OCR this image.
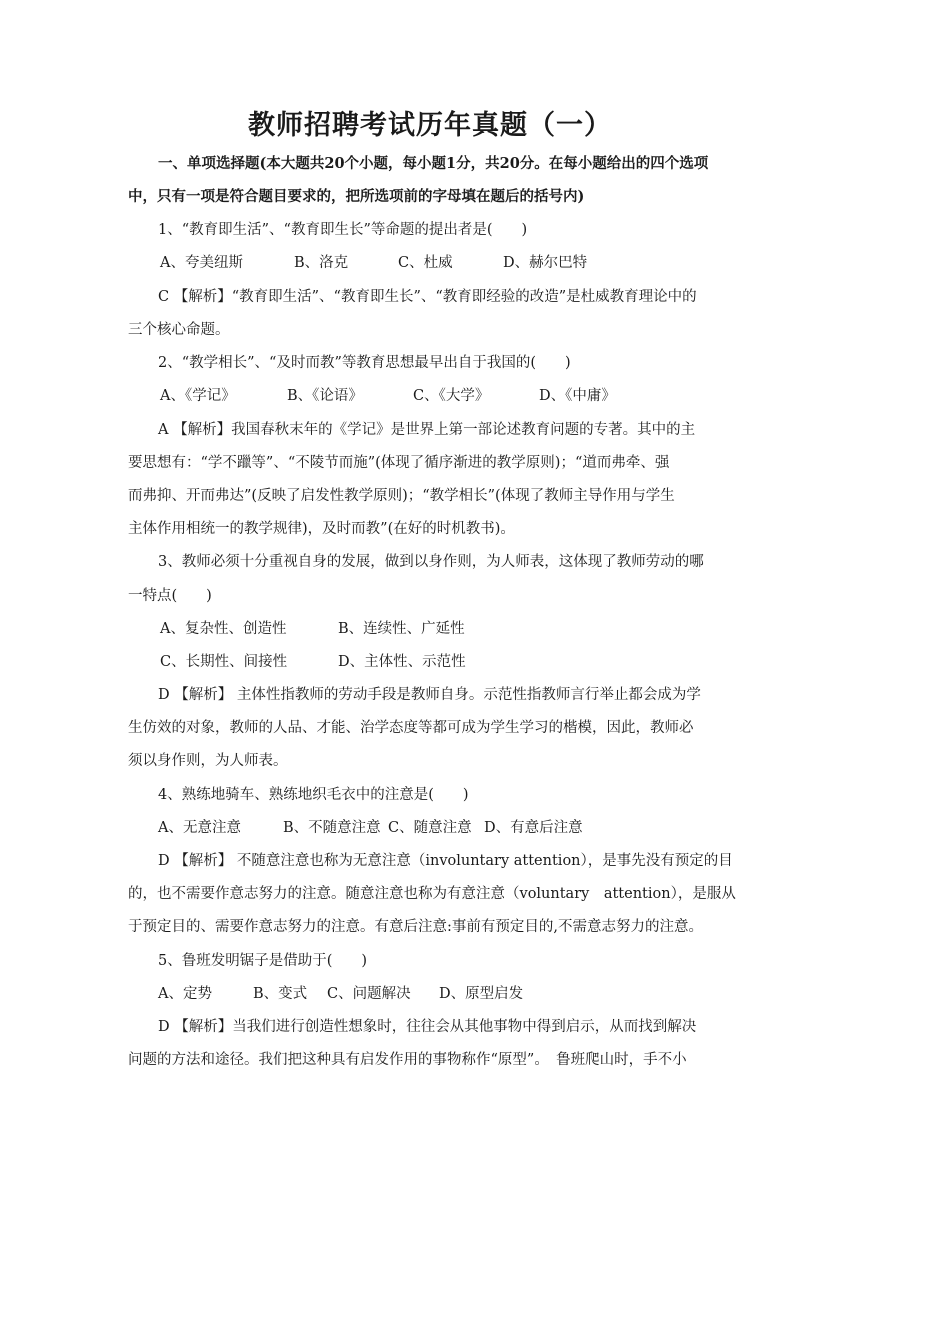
教师招聘考试历年真题（一）
一、单项选择题(本大题共20个小题，每小题1分，共20分。在每小题给出的四个选项
中，只有一项是符合题目要求的，把所选项前的字母填在题后的括号内)
1、“教育即生活”、“教育即生长”等命题的提出者是(　　)
A、夸美纽斯	B、洛克	C、杜威	D、赫尔巴特
C 【解析】“教育即生活”、“教育即生长”、“教育即经验的改造”是杜威教育理论中的
三个核心命题。
2、“教学相长”、“及时而教”等教育思想最早出自于我国的(　　)
A、《学记》	B、《论语》	C、《大学》	D、《中庸》
A 【解析】我国春秋末年的《学记》是世界上第一部论述教育问题的专著。其中的主
要思想有：“学不躐等”、“不陵节而施”(体现了循序渐进的教学原则)；“道而弗牵、强
而弗抑、开而弗达”(反映了启发性教学原则)；“教学相长”(体现了教师主导作用与学生
主体作用相统一的教学规律)，及时而教”(在好的时机教书)。
3、教师必须十分重视自身的发展，做到以身作则，为人师表，这体现了教师劳动的哪
一特点(　　)
A、复杂性、创造性	B、连续性、广延性
C、长期性、间接性	D、主体性、示范性
D 【解析】 主体性指教师的劳动手段是教师自身。示范性指教师言行举止都会成为学
生仿效的对象，教师的人品、才能、治学态度等都可成为学生学习的楷模，因此，教师必
须以身作则，为人师表。
4、熟练地骑车、熟练地织毛衣中的注意是(　　)
A、无意注意	B、不随意注意 C、随意注意 D、有意后注意
D 【解析】 不随意注意也称为无意注意（involuntary attention），是事先没有预定的目
的，也不需要作意志努力的注意。随意注意也称为有意注意（voluntary　attention），是服从
于预定目的、需要作意志努力的注意。有意后注意:事前有预定目的,不需意志努力的注意。
5、鲁班发明锯子是借助于(　　)
A、定势	B、变式 C、问题解决 D、原型启发
D 【解析】当我们进行创造性想象时，往往会从其他事物中得到启示，从而找到解决
问题的方法和途径。我们把这种具有启发作用的事物称作“原型”。　鲁班爬山时，手不小
